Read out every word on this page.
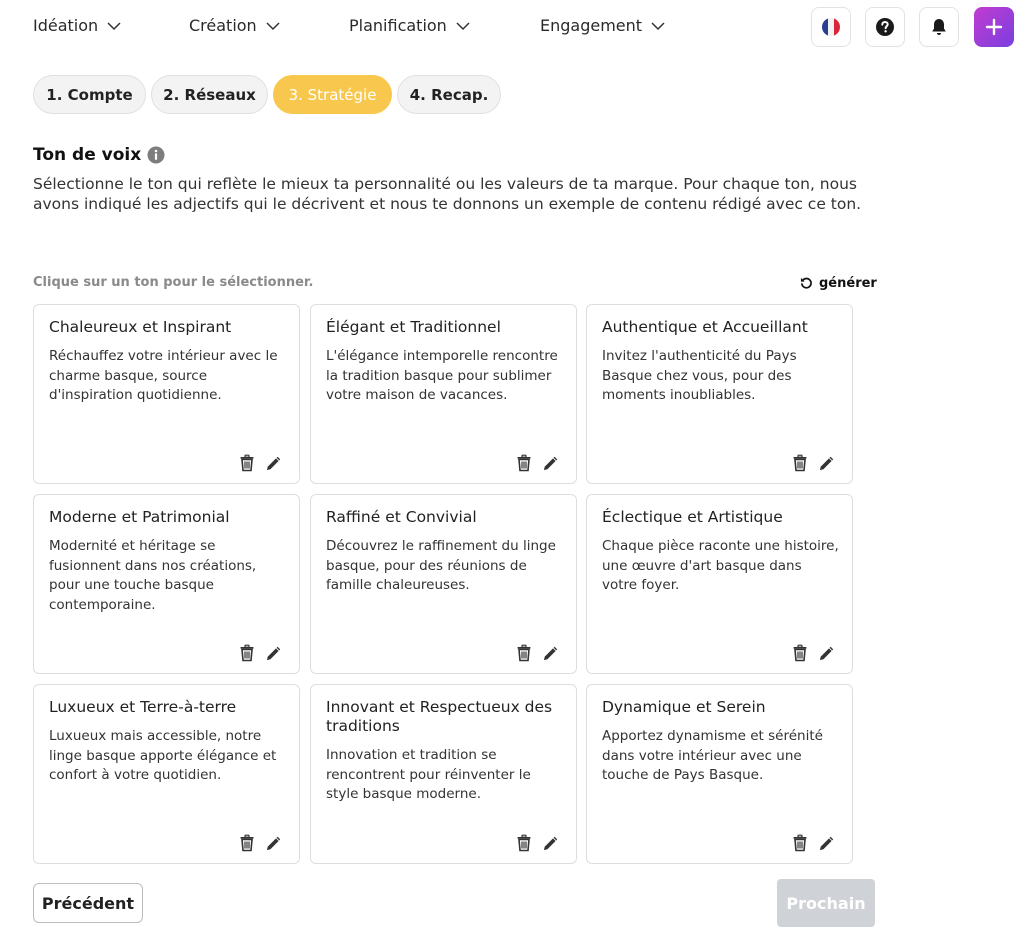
Idéation	Création	Planification	Engagement
1. Compte	2. Réseaux	3. Stratégie	4. Recap.
Ton de voix
Sélectionne le ton qui reflète le mieux ta personnalité ou les valeurs de ta marque. Pour chaque ton, nous avons indiqué les adjectifs qui le décrivent et nous te donnons un exemple de contenu rédigé avec ce ton.
Clique sur un ton pour le sélectionner.	générer
Chaleureux et Inspirant
Réchauffez votre intérieur avec le charme basque, source d'inspiration quotidienne.
Élégant et Traditionnel
L'élégance intemporelle rencontre la tradition basque pour sublimer votre maison de vacances.
Authentique et Accueillant
Invitez l'authenticité du Pays Basque chez vous, pour des moments inoubliables.
Moderne et Patrimonial
Modernité et héritage se fusionnent dans nos créations, pour une touche basque contemporaine.
Raffiné et Convivial
Découvrez le raffinement du linge basque, pour des réunions de famille chaleureuses.
Éclectique et Artistique
Chaque pièce raconte une histoire, une œuvre d'art basque dans votre foyer.
Luxueux et Terre-à-terre
Luxueux mais accessible, notre linge basque apporte élégance et confort à votre quotidien.
Innovant et Respectueux des traditions
Innovation et tradition se rencontrent pour réinventer le style basque moderne.
Dynamique et Serein
Apportez dynamisme et sérénité dans votre intérieur avec une touche de Pays Basque.
Précédent	Prochain
